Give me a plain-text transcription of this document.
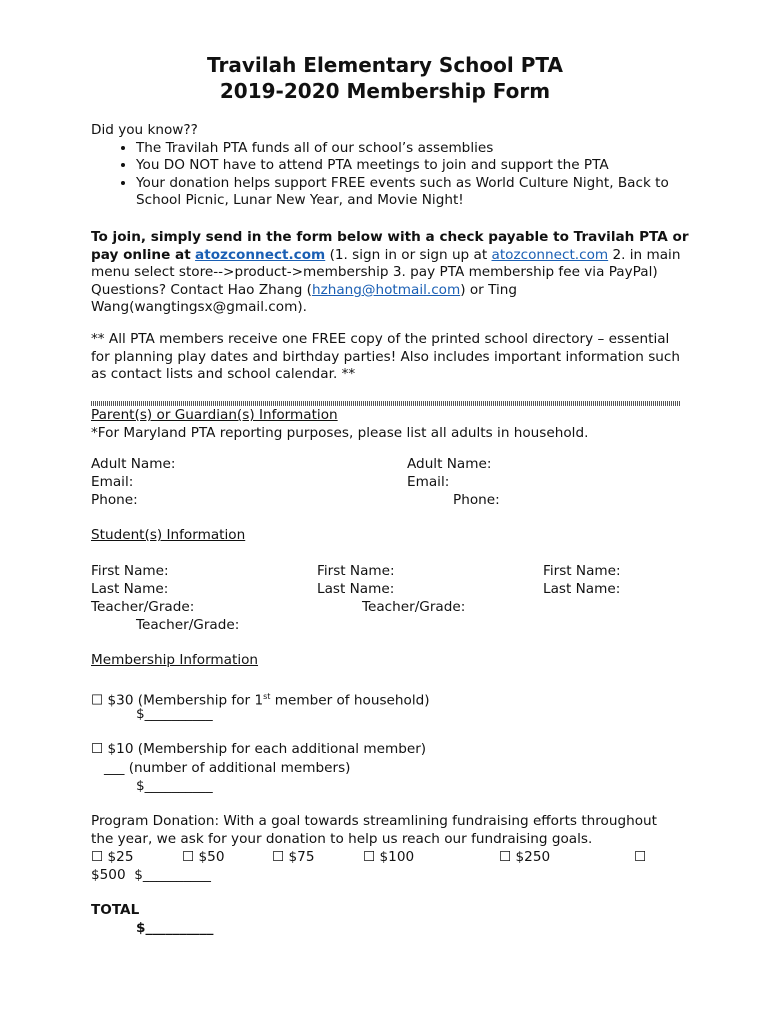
Travilah Elementary School PTA
2019-2020 Membership Form
Did you know??
• The Travilah PTA funds all of our school’s assemblies
• You DO NOT have to attend PTA meetings to join and support the PTA
• Your donation helps support FREE events such as World Culture Night, Back to School Picnic, Lunar New Year, and Movie Night!
To join, simply send in the form below with a check payable to Travilah PTA or pay online at atozconnect.com (1. sign in or sign up at atozconnect.com 2. in main menu select store-->product->membership 3. pay PTA membership fee via PayPal) Questions? Contact Hao Zhang (hzhang@hotmail.com) or Ting Wang(wangtingsx@gmail.com).
** All PTA members receive one FREE copy of the printed school directory – essential for planning play dates and birthday parties! Also includes important information such as contact lists and school calendar. **
Parent(s) or Guardian(s) Information
*For Maryland PTA reporting purposes, please list all adults in household.
Adult Name:	Adult Name:
Email:	Email:
Phone:	Phone:
Student(s) Information
First Name:	First Name:	First Name:
Last Name:	Last Name:	Last Name:
Teacher/Grade:	Teacher/Grade:
Teacher/Grade:
Membership Information
☐ $30 (Membership for 1st member of household)
$__________
☐ $10 (Membership for each additional member)
___ (number of additional members)
$__________
Program Donation: With a goal towards streamlining fundraising efforts throughout the year, we ask for your donation to help us reach our fundraising goals.
☐ $25	☐ $50	☐ $75	☐ $100	☐ $250	☐
$500 $__________
TOTAL
$__________
